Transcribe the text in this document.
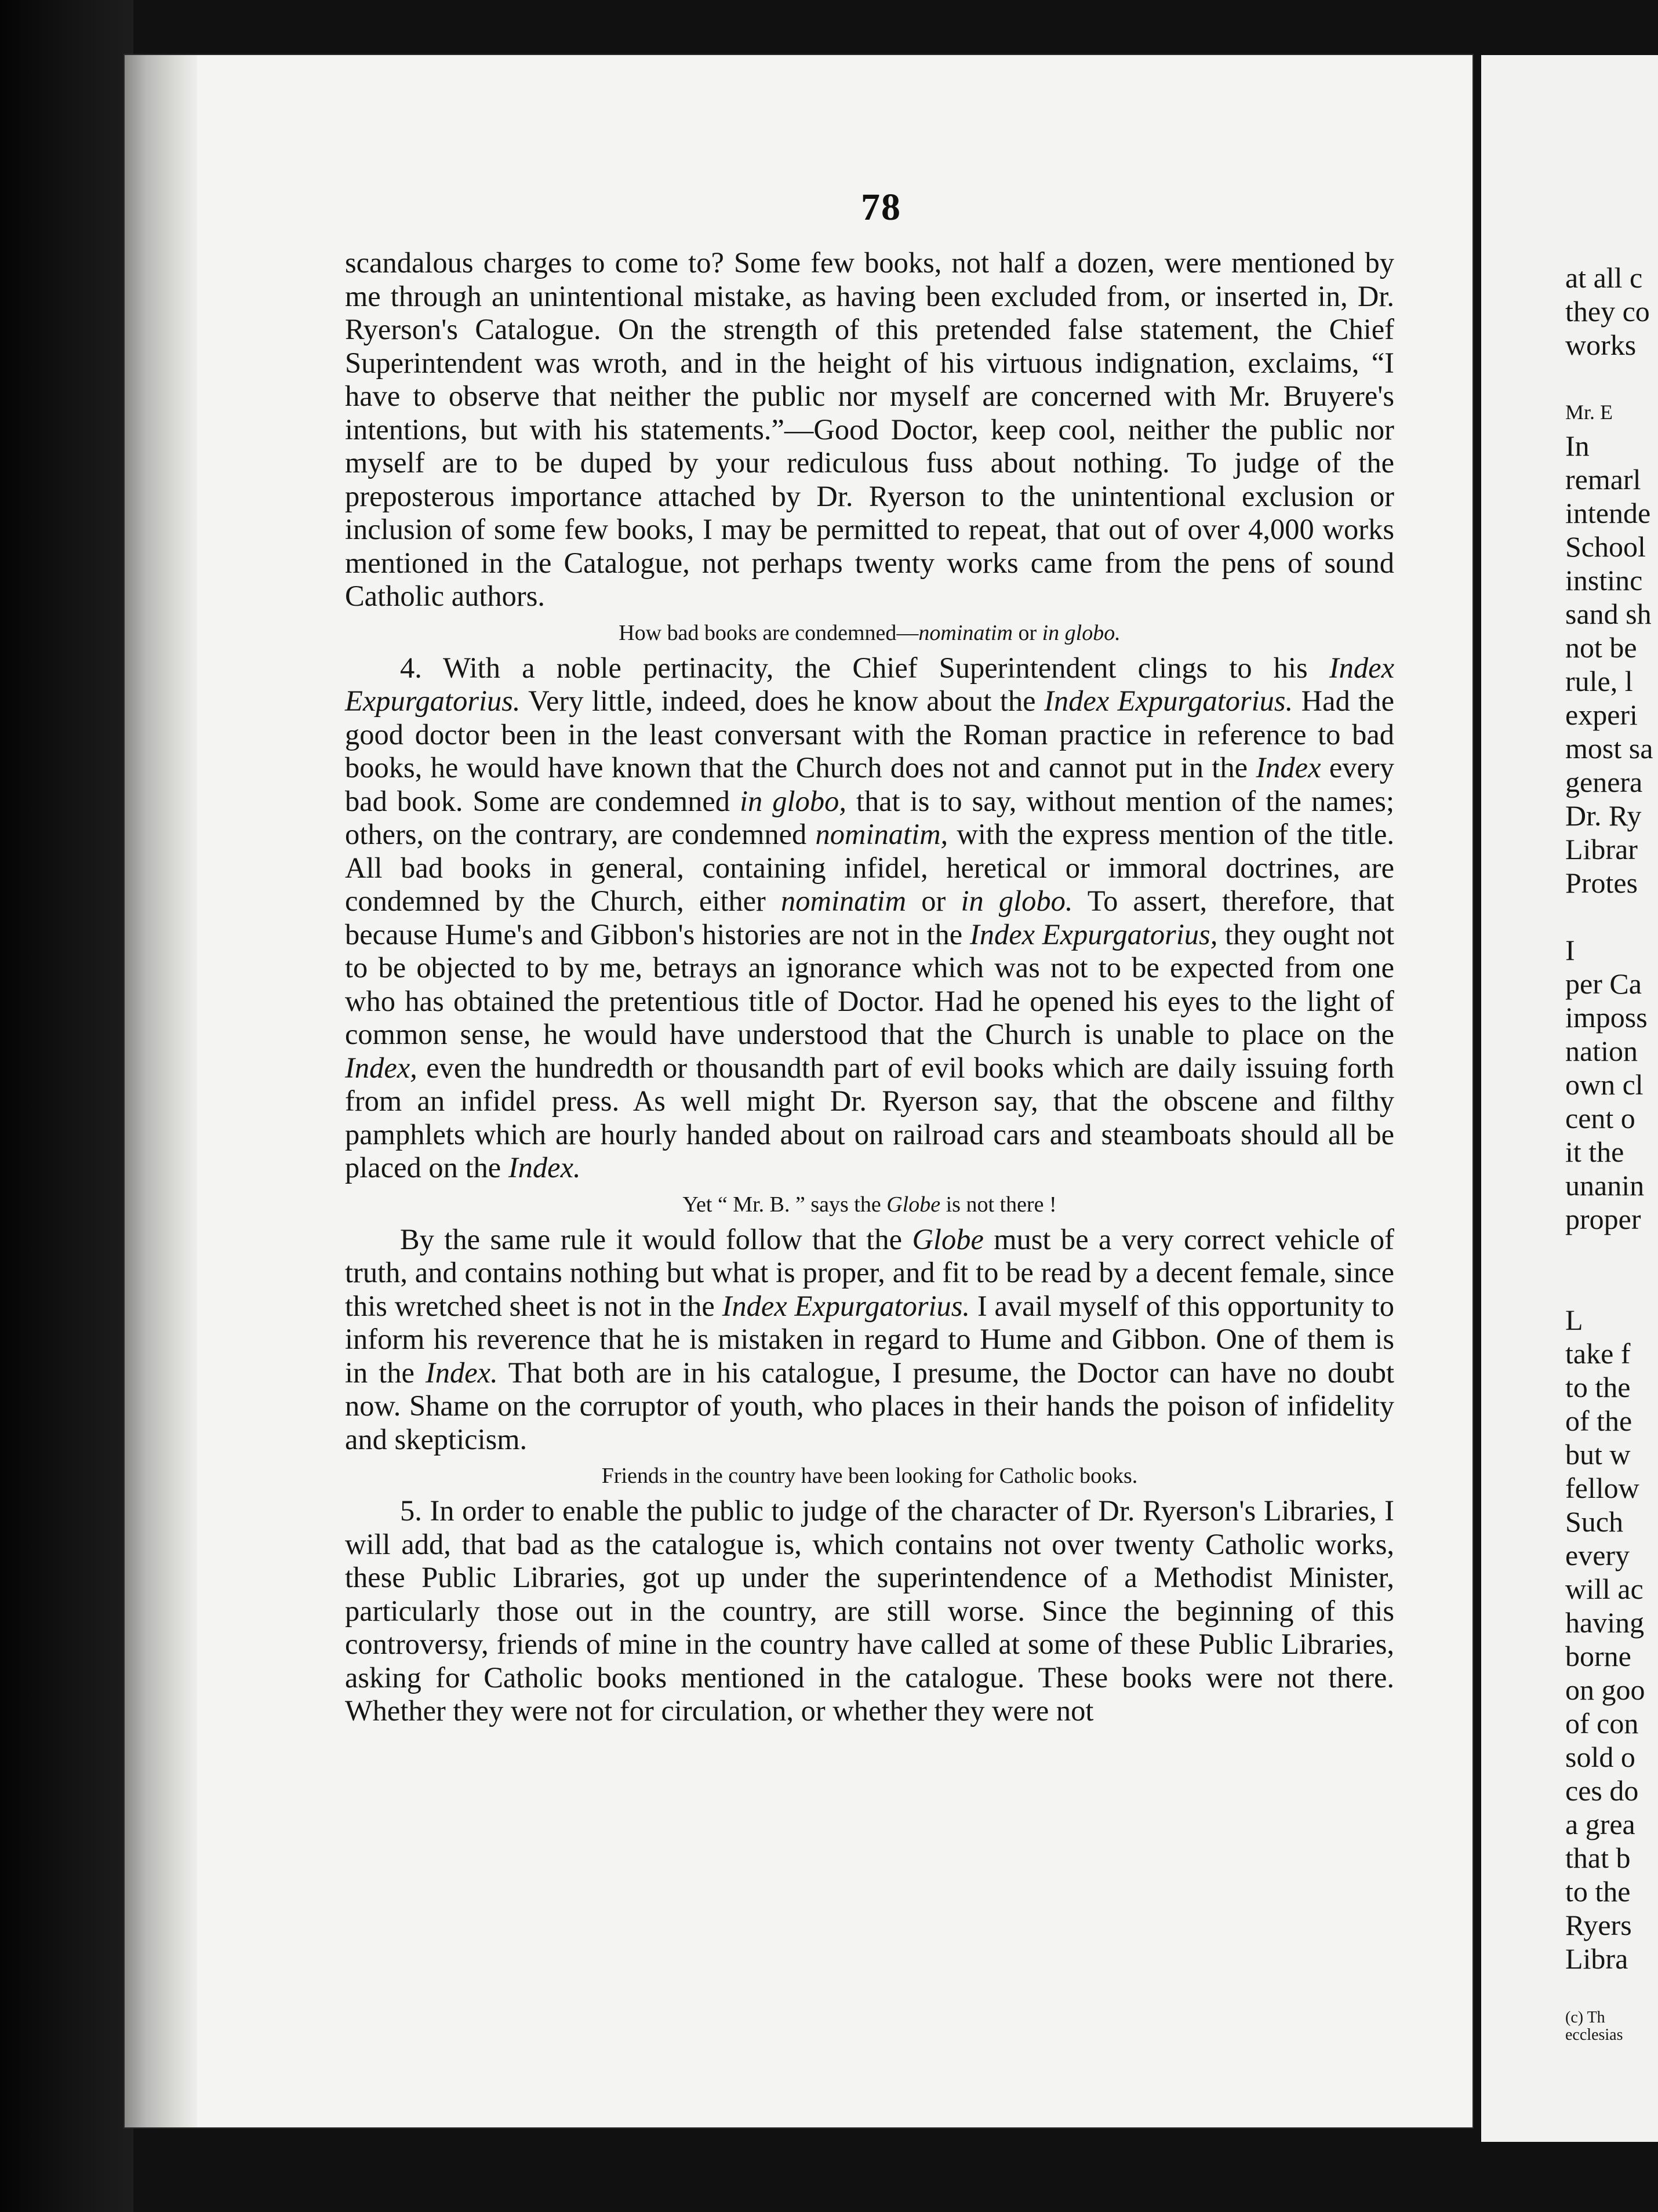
78

scandalous charges to come to? Some few books, not half a dozen, were mentioned by me through an unintentional mistake, as having been excluded from, or inserted in, Dr. Ryerson's Catalogue. On the strength of this pretended false statement, the Chief Superintendent was wroth, and in the height of his virtuous indignation, exclaims, “I have to observe that neither the public nor myself are concerned with Mr. Bruyere's intentions, but with his statements.”—Good Doctor, keep cool, neither the public nor myself are to be duped by your rediculous fuss about nothing. To judge of the preposterous importance attached by Dr. Ryerson to the unintentional exclusion or inclusion of some few books, I may be permitted to repeat, that out of over 4,000 works mentioned in the Catalogue, not perhaps twenty works came from the pens of sound Catholic authors.

How bad books are condemned—nominatim or in globo.

4. With a noble pertinacity, the Chief Superintendent clings to his Index Expurgatorius. Very little, indeed, does he know about the Index Expurgatorius. Had the good doctor been in the least conversant with the Roman practice in reference to bad books, he would have known that the Church does not and cannot put in the Index every bad book. Some are condemned in globo, that is to say, without mention of the names; others, on the contrary, are condemned nominatim, with the express mention of the title. All bad books in general, containing infidel, heretical or immoral doctrines, are condemned by the Church, either nominatim or in globo. To assert, therefore, that because Hume's and Gibbon's histories are not in the Index Expurgatorius, they ought not to be objected to by me, betrays an ignorance which was not to be expected from one who has obtained the pretentious title of Doctor. Had he opened his eyes to the light of common sense, he would have understood that the Church is unable to place on the Index, even the hundredth or thousandth part of evil books which are daily issuing forth from an infidel press. As well might Dr. Ryerson say, that the obscene and filthy pamphlets which are hourly handed about on railroad cars and steamboats should all be placed on the Index.

Yet “ Mr. B. ” says the Globe is not there !

By the same rule it would follow that the Globe must be a very correct vehicle of truth, and contains nothing but what is proper, and fit to be read by a decent female, since this wretched sheet is not in the Index Expurgatorius. I avail myself of this opportunity to inform his reverence that he is mistaken in regard to Hume and Gibbon. One of them is in the Index. That both are in his catalogue, I presume, the Doctor can have no doubt now. Shame on the corruptor of youth, who places in their hands the poison of infidelity and skepticism.

Friends in the country have been looking for Catholic books.

5. In order to enable the public to judge of the character of Dr. Ryerson's Libraries, I will add, that bad as the catalogue is, which contains not over twenty Catholic works, these Public Libraries, got up under the superintendence of a Methodist Minister, particularly those out in the country, are still worse. Since the beginning of this controversy, friends of mine in the country have called at some of these Public Libraries, asking for Catholic books mentioned in the catalogue. These books were not there. Whether they were not for circulation, or whether they were not

at all c
they co
works
Mr. E
In
remarl
intende
School
instinc
sand sh
not be
rule, l
experi
most sa
genera
Dr. Ry
Librar
Protes
I
per Ca
imposs
nation
own cl
cent o
it the
unanin
proper
L
take f
to the
of the
but w
fellow
Such
every
will ac
having
borne
on goo
of con
sold o
ces do
a grea
that b
to the
Ryers
Libra
(c) Th
ecclesias
